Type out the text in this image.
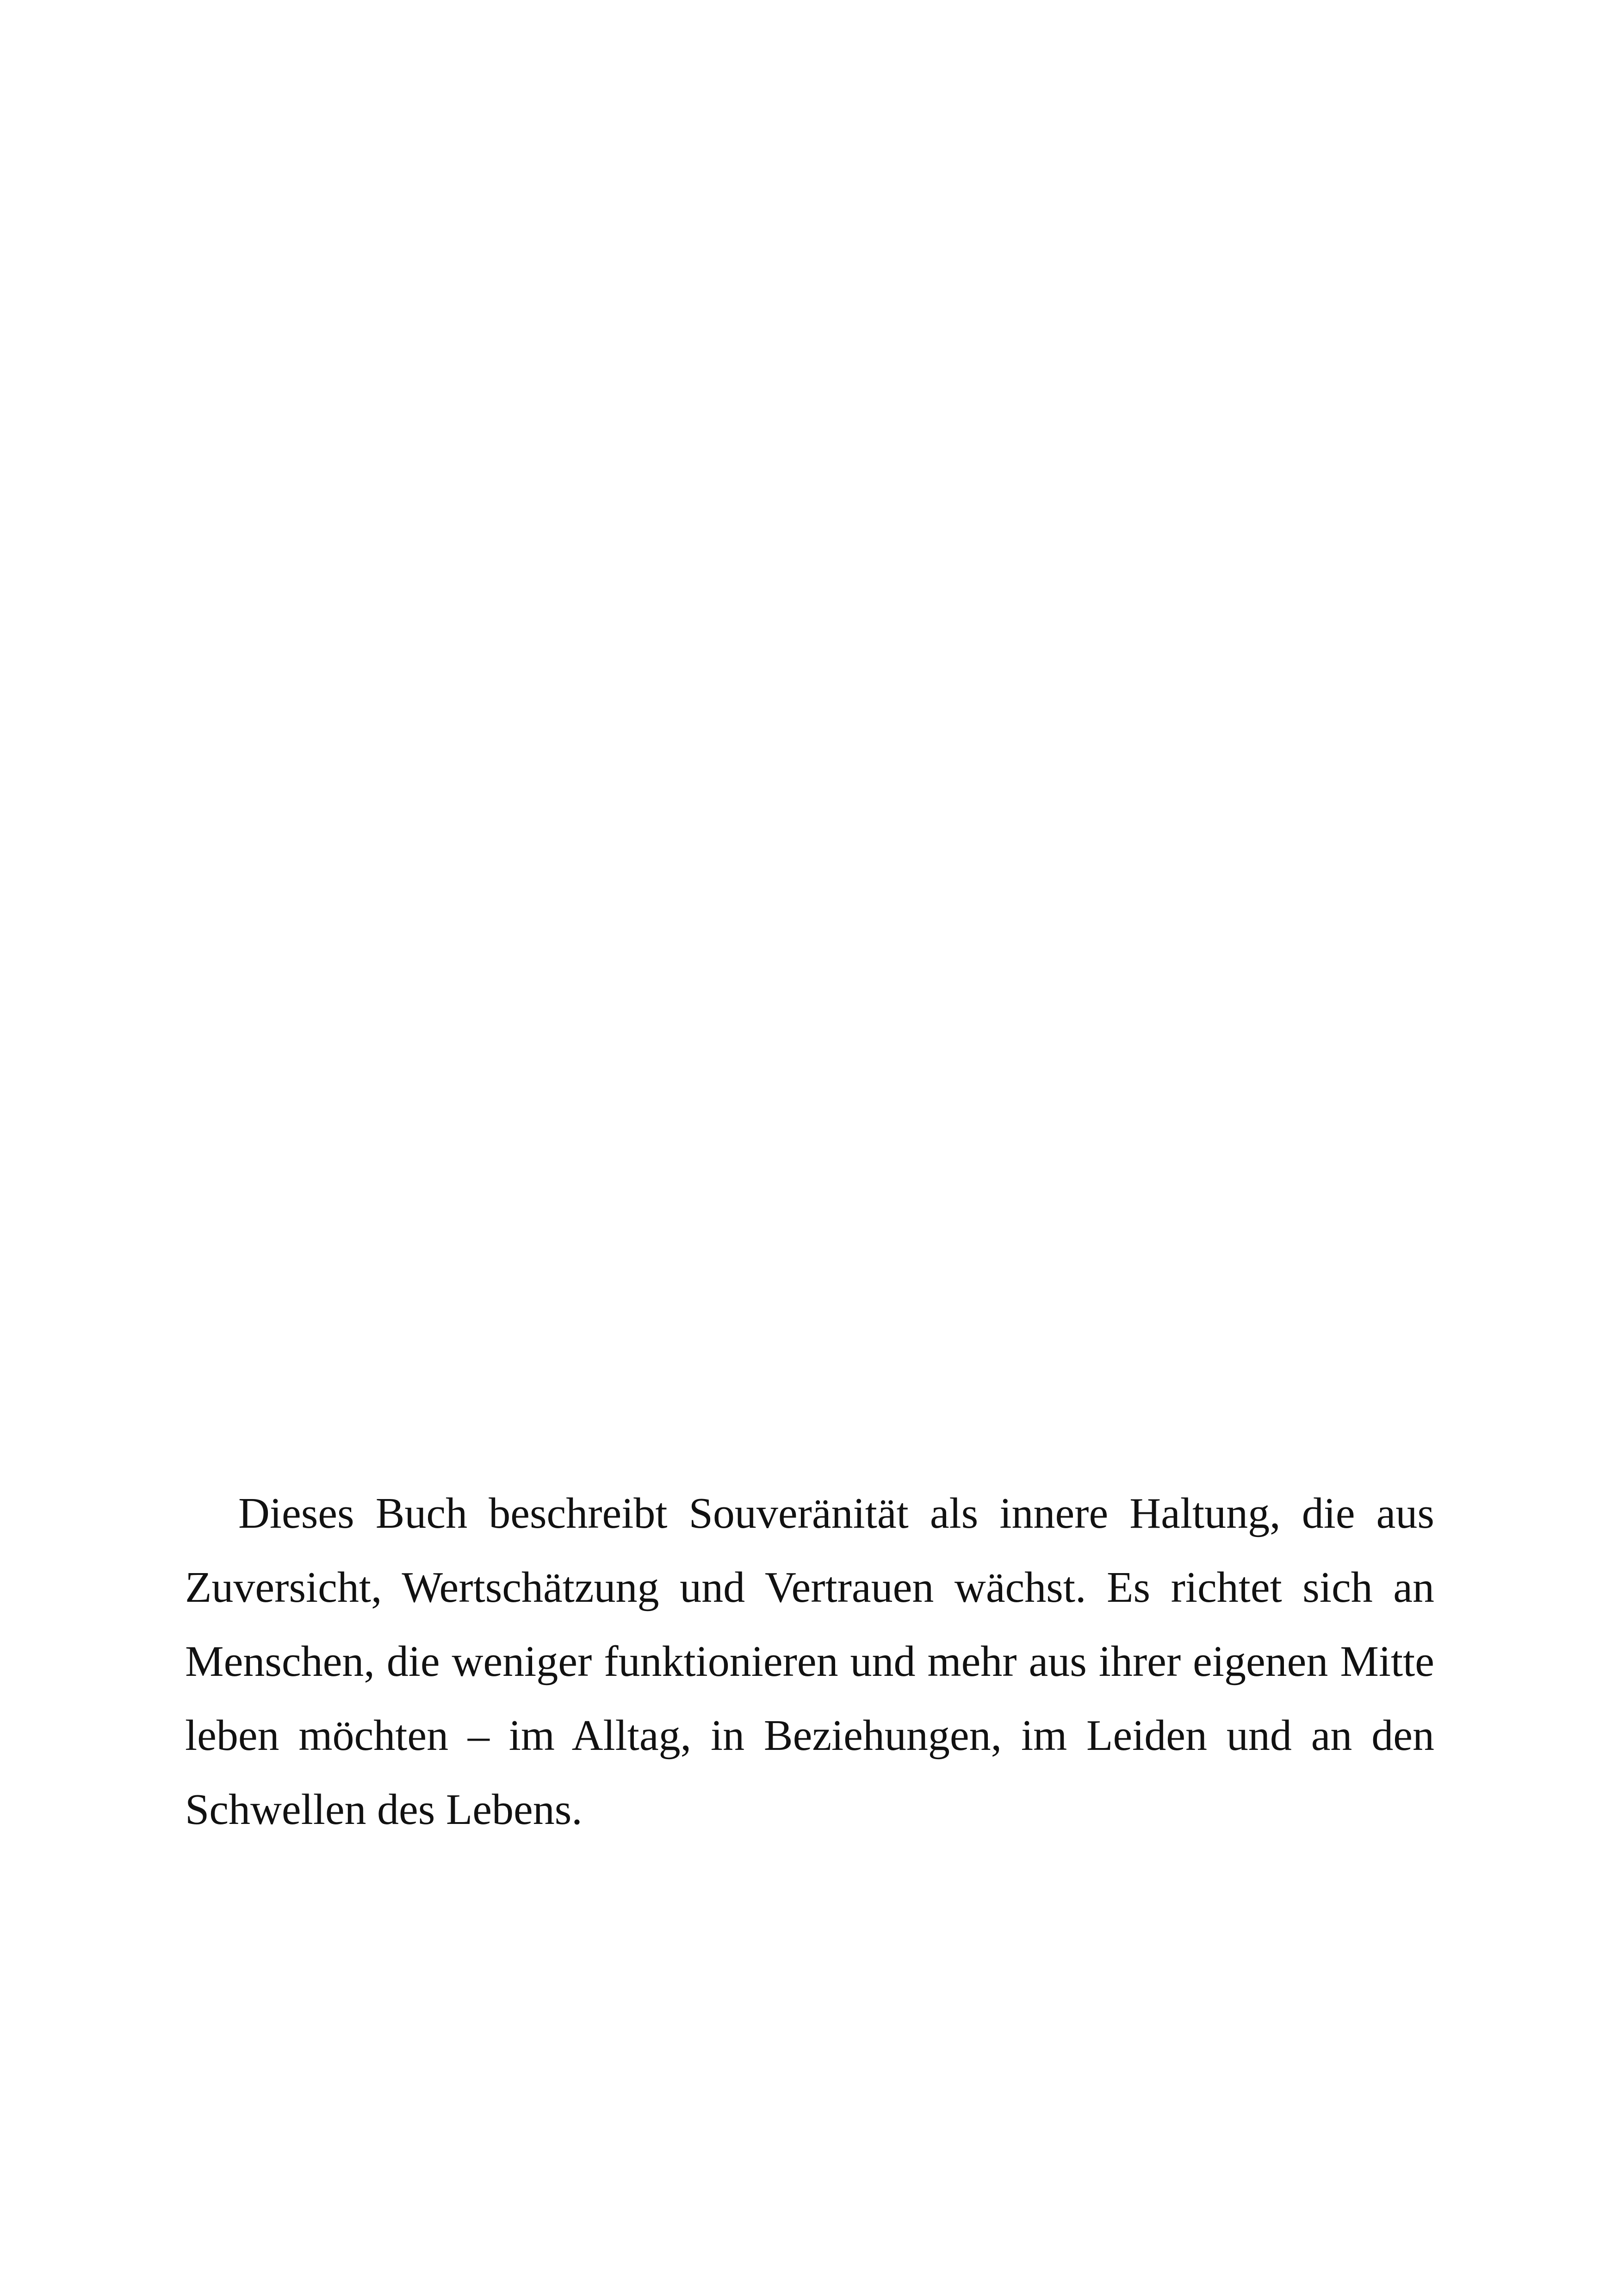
Dieses Buch beschreibt Souveränität als innere Haltung, die aus Zuversicht, Wertschätzung und Vertrauen wächst. Es richtet sich an Menschen, die weniger funktionieren und mehr aus ihrer eigenen Mitte leben möchten – im Alltag, in Beziehungen, im Leiden und an den Schwellen des Lebens.
